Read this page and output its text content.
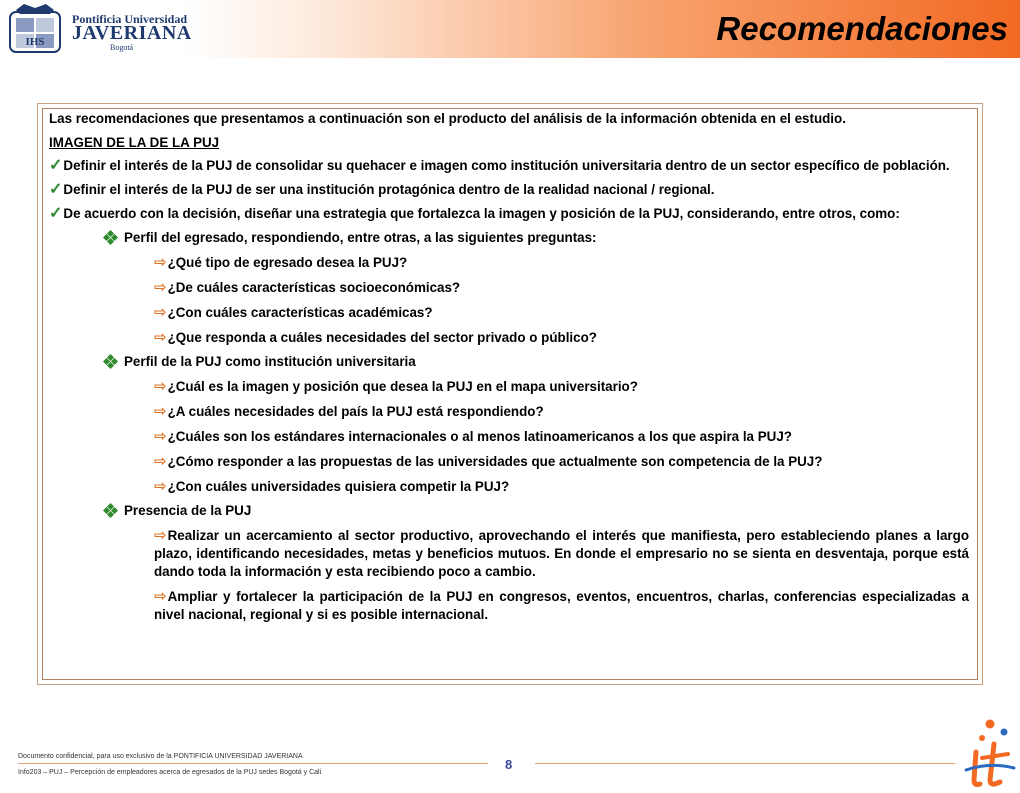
IHS
Pontificia Universidad
JAVERIANA
Bogotá
Recomendaciones

Las recomendaciones que presentamos a continuación son el producto del análisis de la información obtenida en el estudio.

IMAGEN DE LA DE LA PUJ

✓Definir el interés de la PUJ de consolidar su quehacer e imagen como institución universitaria dentro de un sector específico de población.

✓Definir el interés de la PUJ de ser una institución protagónica dentro de la realidad nacional / regional.

✓De acuerdo con la decisión, diseñar una estrategia que fortalezca la imagen y posición de la PUJ, considerando, entre otros, como:

Perfil del egresado, respondiendo, entre otras, a las siguientes preguntas:

⇨¿Qué tipo de egresado desea la PUJ?

⇨¿De cuáles características socioeconómicas?

⇨¿Con cuáles características académicas?

⇨¿Que responda a cuáles necesidades del sector privado o público?

Perfil de la PUJ como institución universitaria

⇨¿Cuál es la imagen y posición que desea la PUJ en el mapa universitario?

⇨¿A cuáles necesidades del país la PUJ está respondiendo?

⇨¿Cuáles son los estándares internacionales o al menos latinoamericanos a los que aspira la PUJ?

⇨¿Cómo responder a las propuestas de las universidades que actualmente son competencia de la PUJ?

⇨¿Con cuáles universidades quisiera competir la PUJ?

Presencia de la PUJ

⇨Realizar un acercamiento al sector productivo, aprovechando el interés que manifiesta, pero estableciendo planes a largo plazo, identificando necesidades, metas y beneficios mutuos. En donde el empresario no se sienta en desventaja, porque está dando toda la información y esta recibiendo poco a cambio.

⇨Ampliar y fortalecer la participación de la PUJ en congresos, eventos, encuentros, charlas, conferencias especializadas a nivel nacional, regional y si es posible internacional.

Documento confidencial, para uso exclusivo de la PONTIFICIA UNIVERSIDAD JAVERIANA
8
Info203 – PUJ – Percepción de empleadores acerca de egresados de la PUJ sedes Bogotá y Cali
